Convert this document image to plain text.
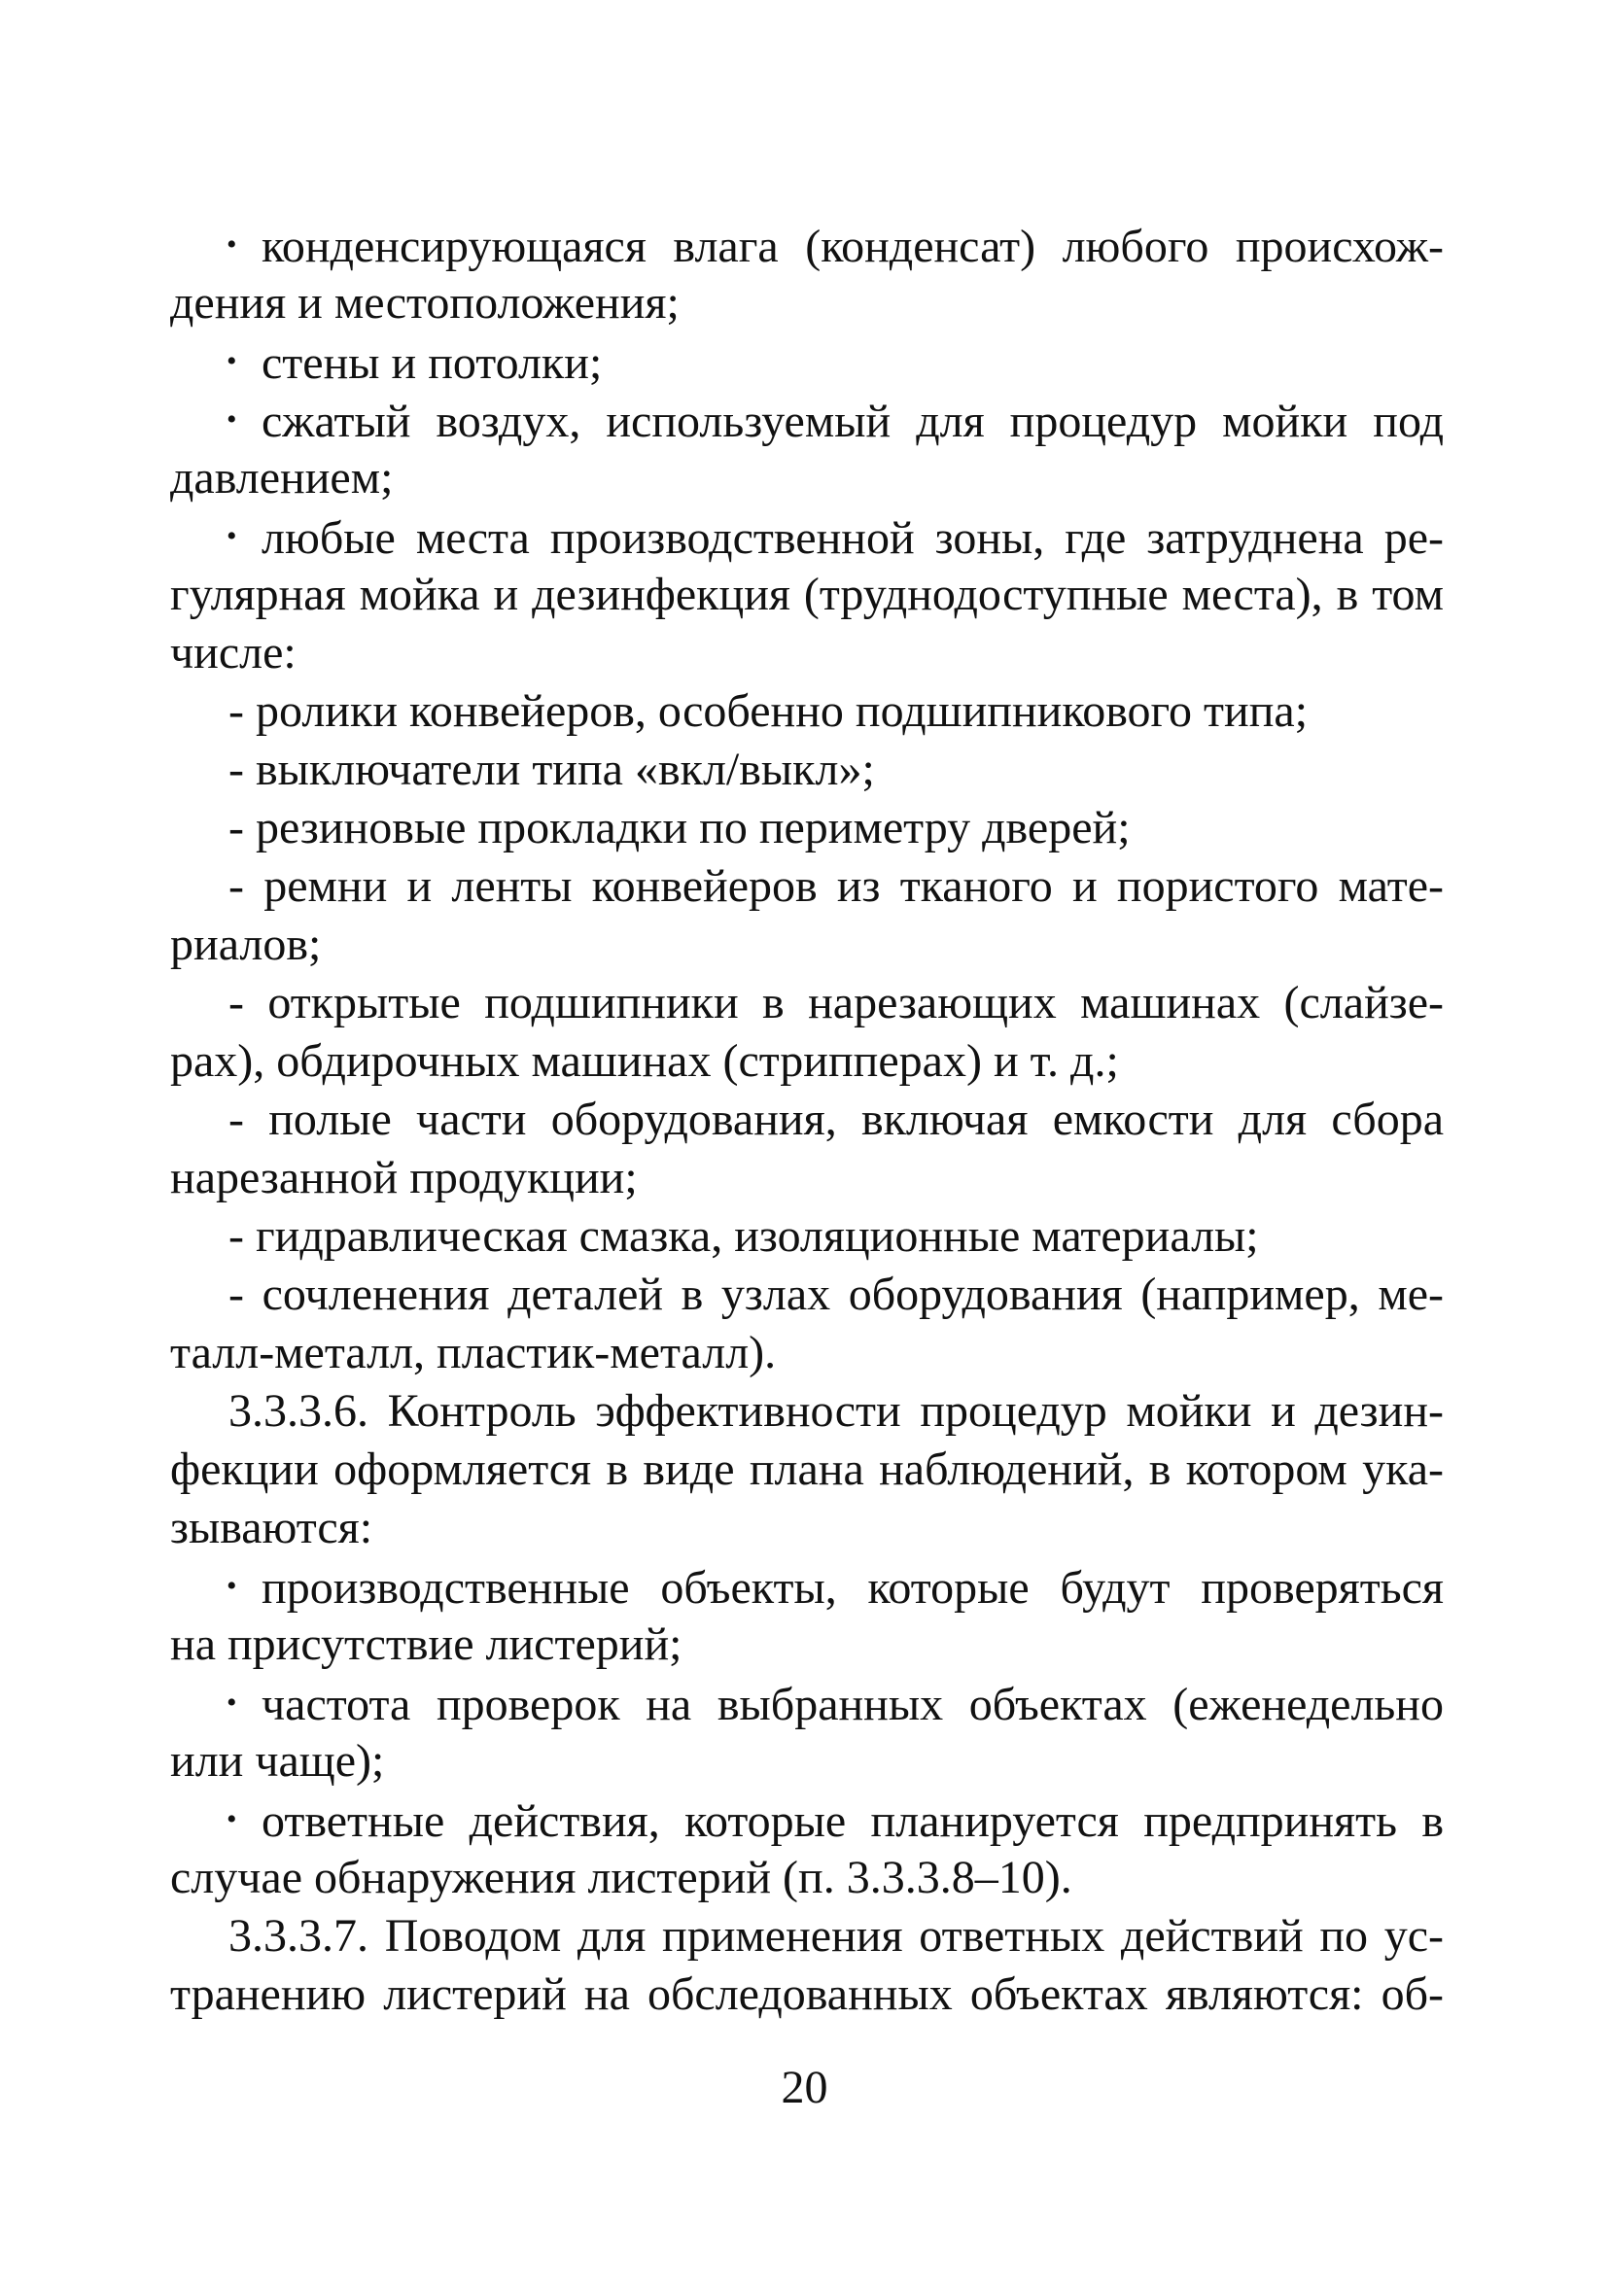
• конденсирующаяся влага (конденсат) любого происхож-
дения и местоположения;
• стены и потолки;
• сжатый воздух, используемый для процедур мойки под
давлением;
• любые места производственной зоны, где затруднена ре-
гулярная мойка и дезинфекция (труднодоступные места), в том
числе:
- ролики конвейеров, особенно подшипникового типа;
- выключатели типа «вкл/выкл»;
- резиновые прокладки по периметру дверей;
- ремни и ленты конвейеров из тканого и пористого мате-
риалов;
- открытые подшипники в нарезающих машинах (слайзе-
рах), обдирочных машинах (стрипперах) и т. д.;
- полые части оборудования, включая емкости для сбора
нарезанной продукции;
- гидравлическая смазка, изоляционные материалы;
- сочленения деталей в узлах оборудования (например, ме-
талл-металл, пластик-металл).
3.3.3.6. Контроль эффективности процедур мойки и дезин-
фекции оформляется в виде плана наблюдений, в котором ука-
зываются:
• производственные объекты, которые будут проверяться
на присутствие листерий;
• частота проверок на выбранных объектах (еженедельно
или чаще);
• ответные действия, которые планируется предпринять в
случае обнаружения листерий (п. 3.3.3.8–10).
3.3.3.7. Поводом для применения ответных действий по ус-
транению листерий на обследованных объектах являются: об-
20
